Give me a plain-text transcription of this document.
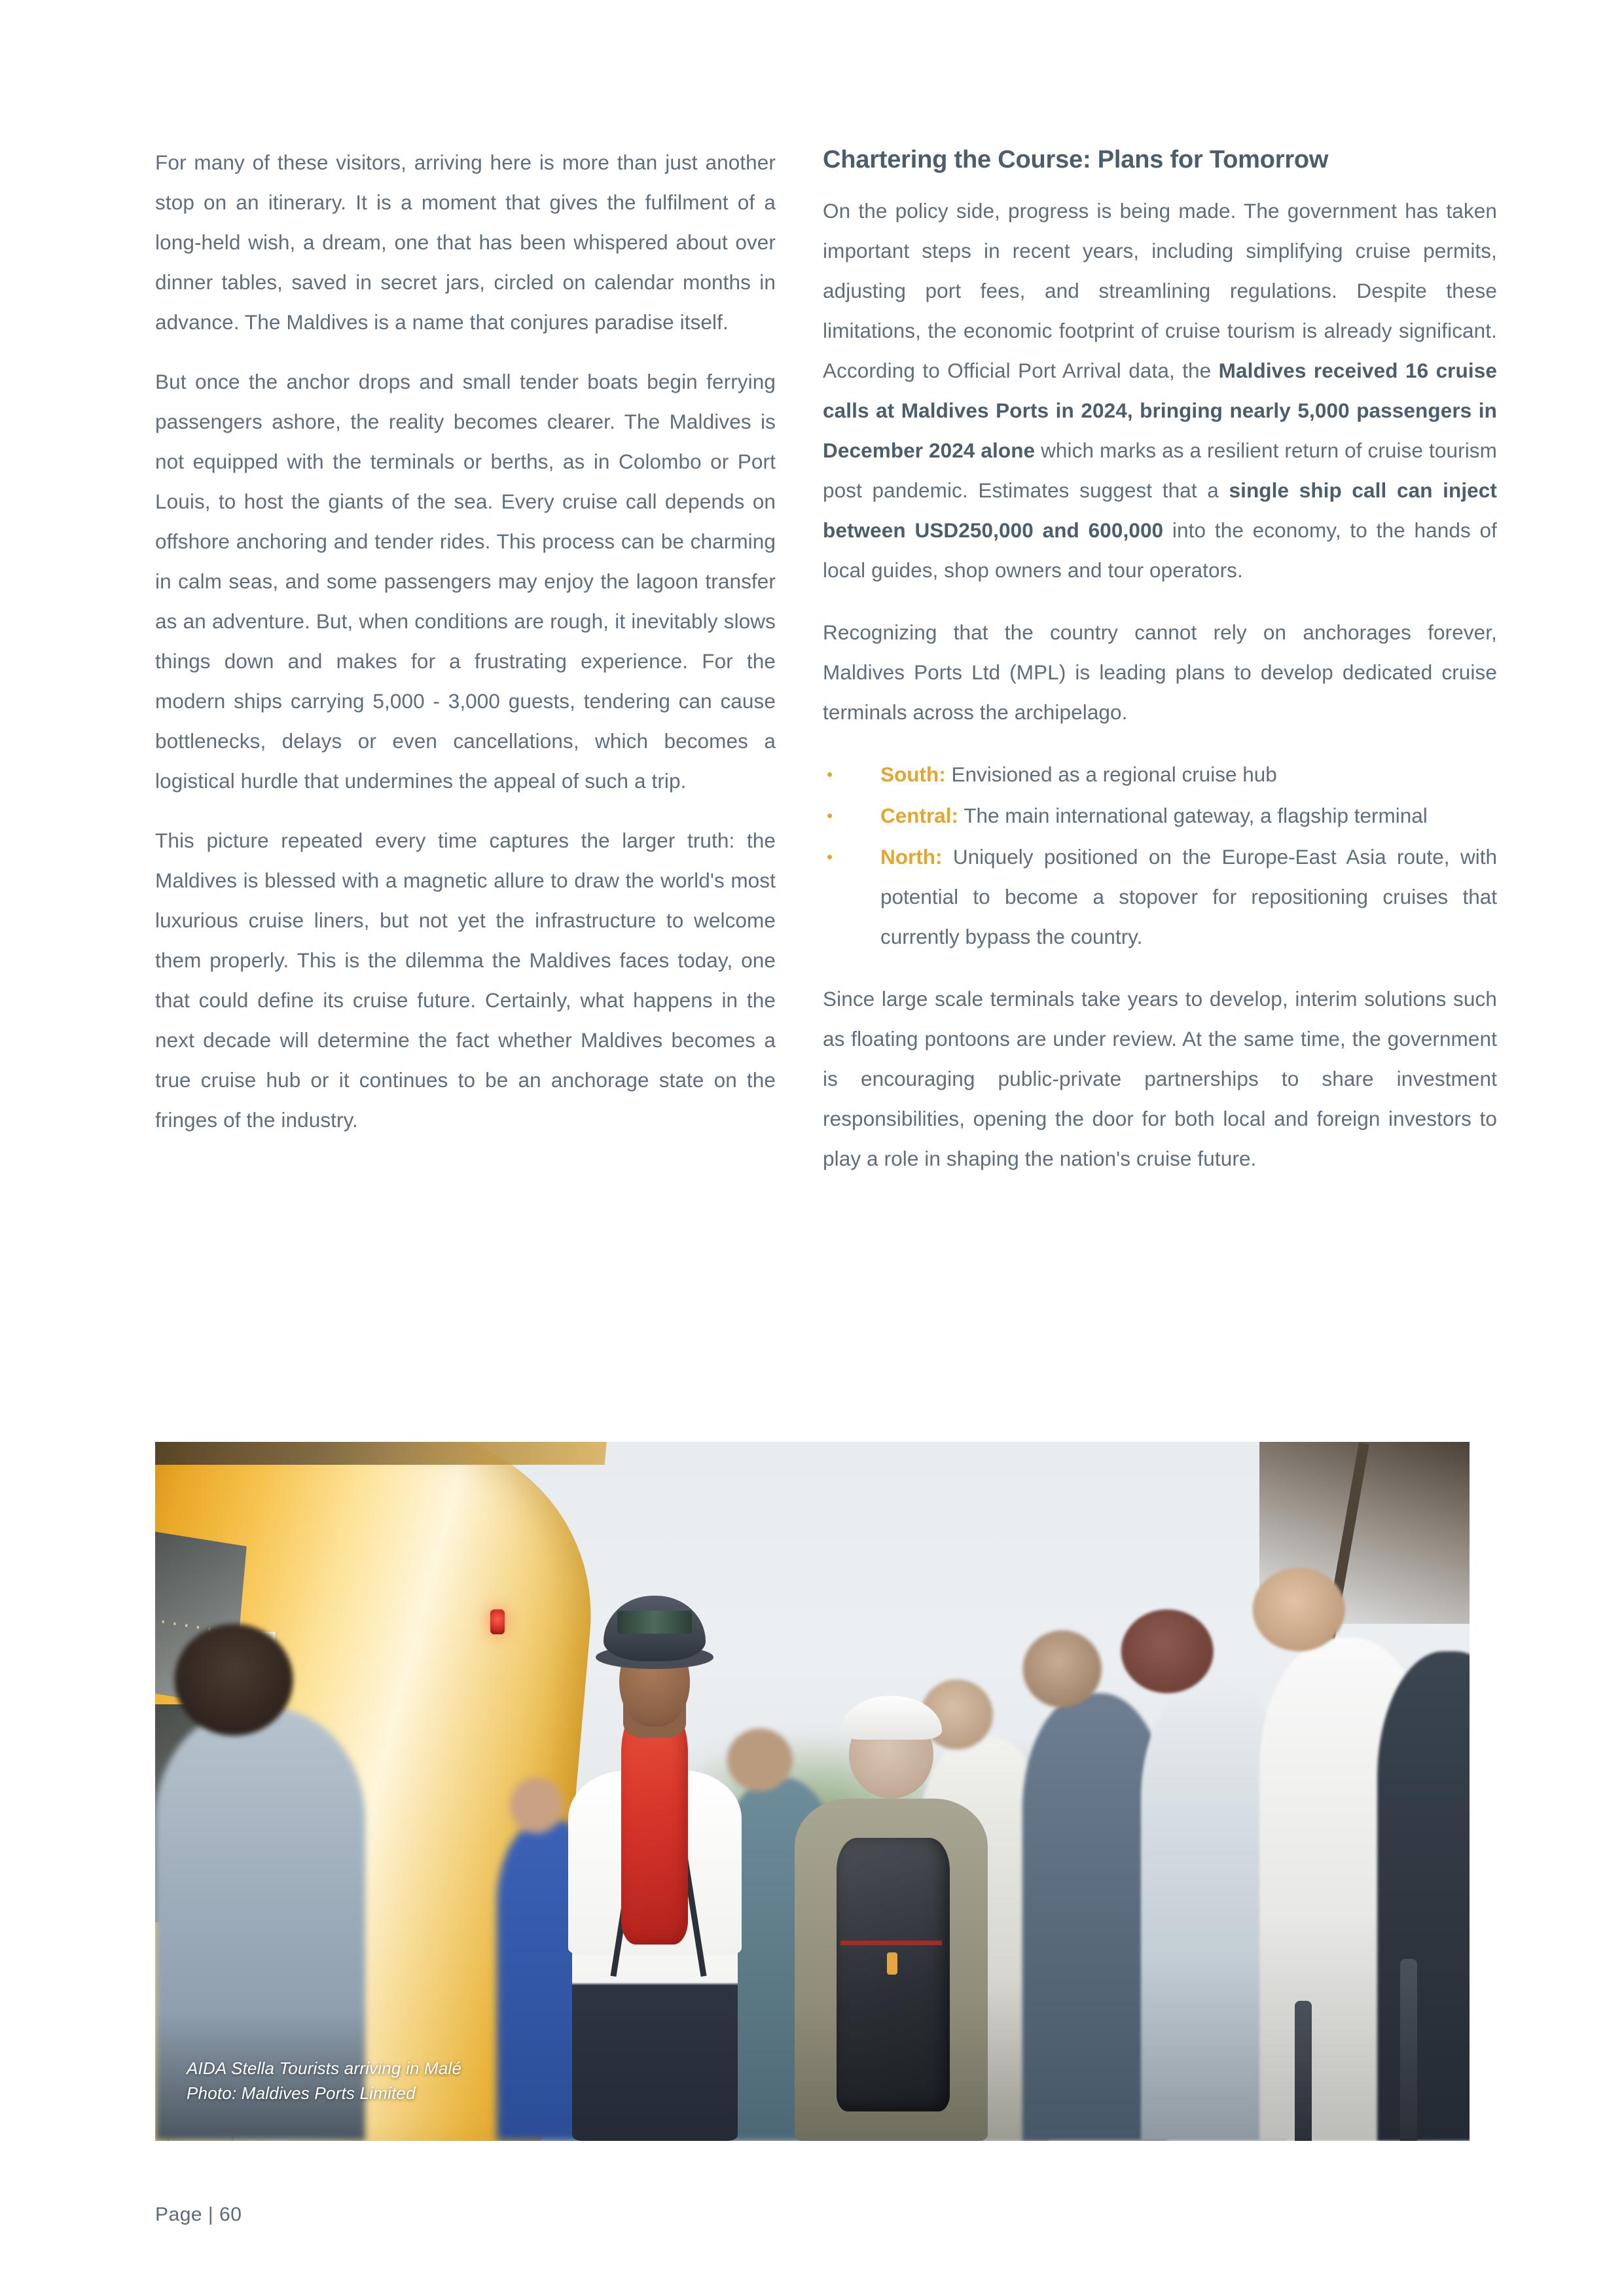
For many of these visitors, arriving here is more than just another stop on an itinerary. It is a moment that gives the fulfilment of a long-held wish, a dream, one that has been whispered about over dinner tables, saved in secret jars, circled on calendar months in advance. The Maldives is a name that conjures paradise itself.

But once the anchor drops and small tender boats begin ferrying passengers ashore, the reality becomes clearer. The Maldives is not equipped with the terminals or berths, as in Colombo or Port Louis, to host the giants of the sea. Every cruise call depends on offshore anchoring and tender rides. This process can be charming in calm seas, and some passengers may enjoy the lagoon transfer as an adventure. But, when conditions are rough, it inevitably slows things down and makes for a frustrating experience. For the modern ships carrying 5,000 - 3,000 guests, tendering can cause bottlenecks, delays or even cancellations, which becomes a logistical hurdle that undermines the appeal of such a trip.

This picture repeated every time captures the larger truth: the Maldives is blessed with a magnetic allure to draw the world's most luxurious cruise liners, but not yet the infrastructure to welcome them properly. This is the dilemma the Maldives faces today, one that could define its cruise future. Certainly, what happens in the next decade will determine the fact whether Maldives becomes a true cruise hub or it continues to be an anchorage state on the fringes of the industry.

Chartering the Course: Plans for Tomorrow

On the policy side, progress is being made. The government has taken important steps in recent years, including simplifying cruise permits, adjusting port fees, and streamlining regulations. Despite these limitations, the economic footprint of cruise tourism is already significant. According to Official Port Arrival data, the Maldives received 16 cruise calls at Maldives Ports in 2024, bringing nearly 5,000 passengers in December 2024 alone which marks as a resilient return of cruise tourism post pandemic. Estimates suggest that a single ship call can inject between USD250,000 and 600,000 into the economy, to the hands of local guides, shop owners and tour operators.

Recognizing that the country cannot rely on anchorages forever, Maldives Ports Ltd (MPL) is leading plans to develop dedicated cruise terminals across the archipelago.

• South: Envisioned as a regional cruise hub
• Central: The main international gateway, a flagship terminal
• North: Uniquely positioned on the Europe-East Asia route, with potential to become a stopover for repositioning cruises that currently bypass the country.

Since large scale terminals take years to develop, interim solutions such as floating pontoons are under review. At the same time, the government is encouraging public-private partnerships to share investment responsibilities, opening the door for both local and foreign investors to play a role in shaping the nation's cruise future.

AIDA Stella Tourists arriving in Malé
Photo: Maldives Ports Limited
Page | 60
